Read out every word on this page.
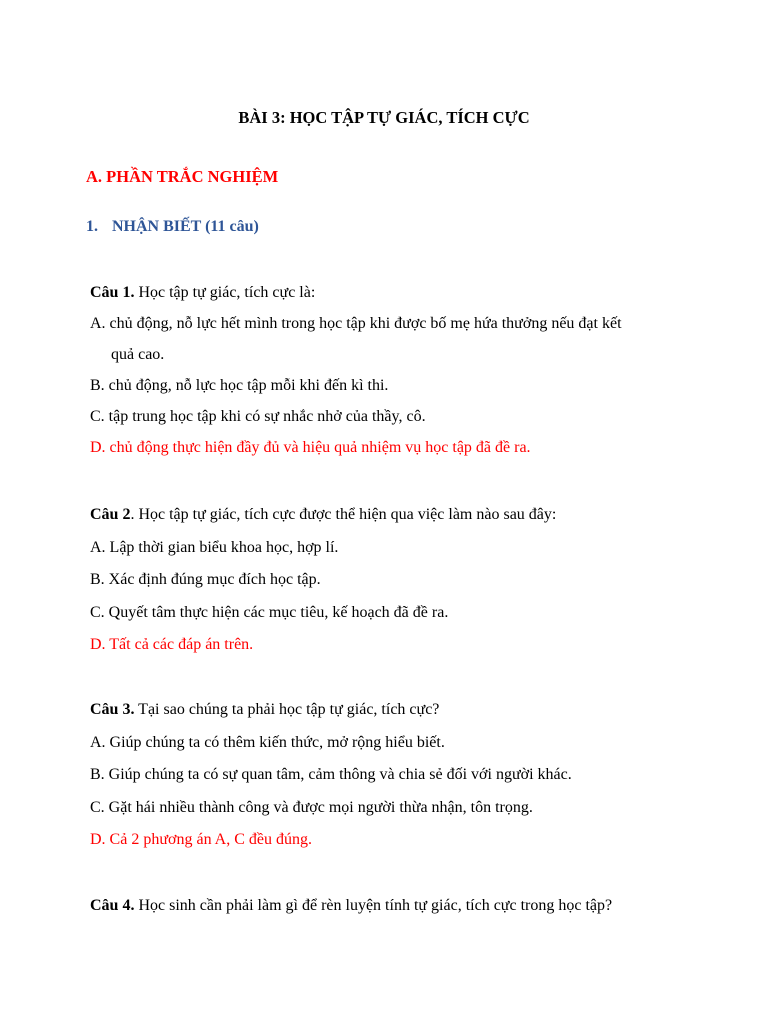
BÀI 3: HỌC TẬP TỰ GIÁC, TÍCH CỰC
A. PHẦN TRẮC NGHIỆM
1. NHẬN BIẾT (11 câu)
Câu 1. Học tập tự giác, tích cực là:
A. chủ động, nỗ lực hết mình trong học tập khi được bố mẹ hứa thưởng nếu đạt kết
quả cao.
B. chủ động, nỗ lực học tập mỗi khi đến kì thi.
C. tập trung học tập khi có sự nhắc nhở của thầy, cô.
D. chủ động thực hiện đầy đủ và hiệu quả nhiệm vụ học tập đã đề ra.
Câu 2. Học tập tự giác, tích cực được thể hiện qua việc làm nào sau đây:
A. Lập thời gian biểu khoa học, hợp lí.
B. Xác định đúng mục đích học tập.
C. Quyết tâm thực hiện các mục tiêu, kế hoạch đã đề ra.
D. Tất cả các đáp án trên.
Câu 3. Tại sao chúng ta phải học tập tự giác, tích cực?
A. Giúp chúng ta có thêm kiến thức, mở rộng hiểu biết.
B. Giúp chúng ta có sự quan tâm, cảm thông và chia sẻ đối với người khác.
C. Gặt hái nhiều thành công và được mọi người thừa nhận, tôn trọng.
D. Cả 2 phương án A, C đều đúng.
Câu 4. Học sinh cần phải làm gì để rèn luyện tính tự giác, tích cực trong học tập?
